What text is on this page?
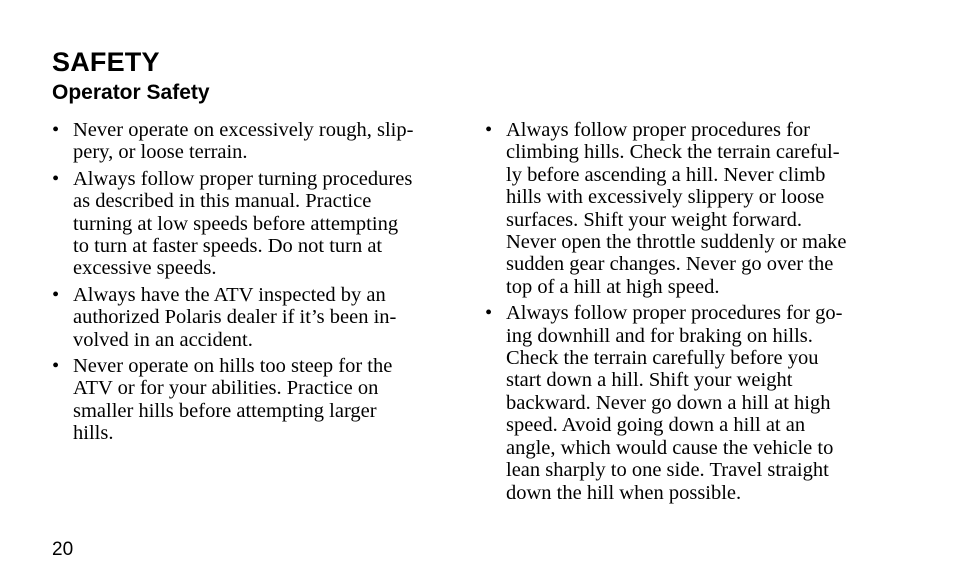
SAFETY
Operator Safety
• Never operate on excessively rough, slip-
pery, or loose terrain.
• Always follow proper turning procedures
as described in this manual. Practice
turning at low speeds before attempting
to turn at faster speeds. Do not turn at
excessive speeds.
• Always have the ATV inspected by an
authorized Polaris dealer if it’s been in-
volved in an accident.
• Never operate on hills too steep for the
ATV or for your abilities. Practice on
smaller hills before attempting larger
hills.
• Always follow proper procedures for
climbing hills. Check the terrain careful-
ly before ascending a hill. Never climb
hills with excessively slippery or loose
surfaces. Shift your weight forward.
Never open the throttle suddenly or make
sudden gear changes. Never go over the
top of a hill at high speed.
• Always follow proper procedures for go-
ing downhill and for braking on hills.
Check the terrain carefully before you
start down a hill. Shift your weight
backward. Never go down a hill at high
speed. Avoid going down a hill at an
angle, which would cause the vehicle to
lean sharply to one side. Travel straight
down the hill when possible.
20
